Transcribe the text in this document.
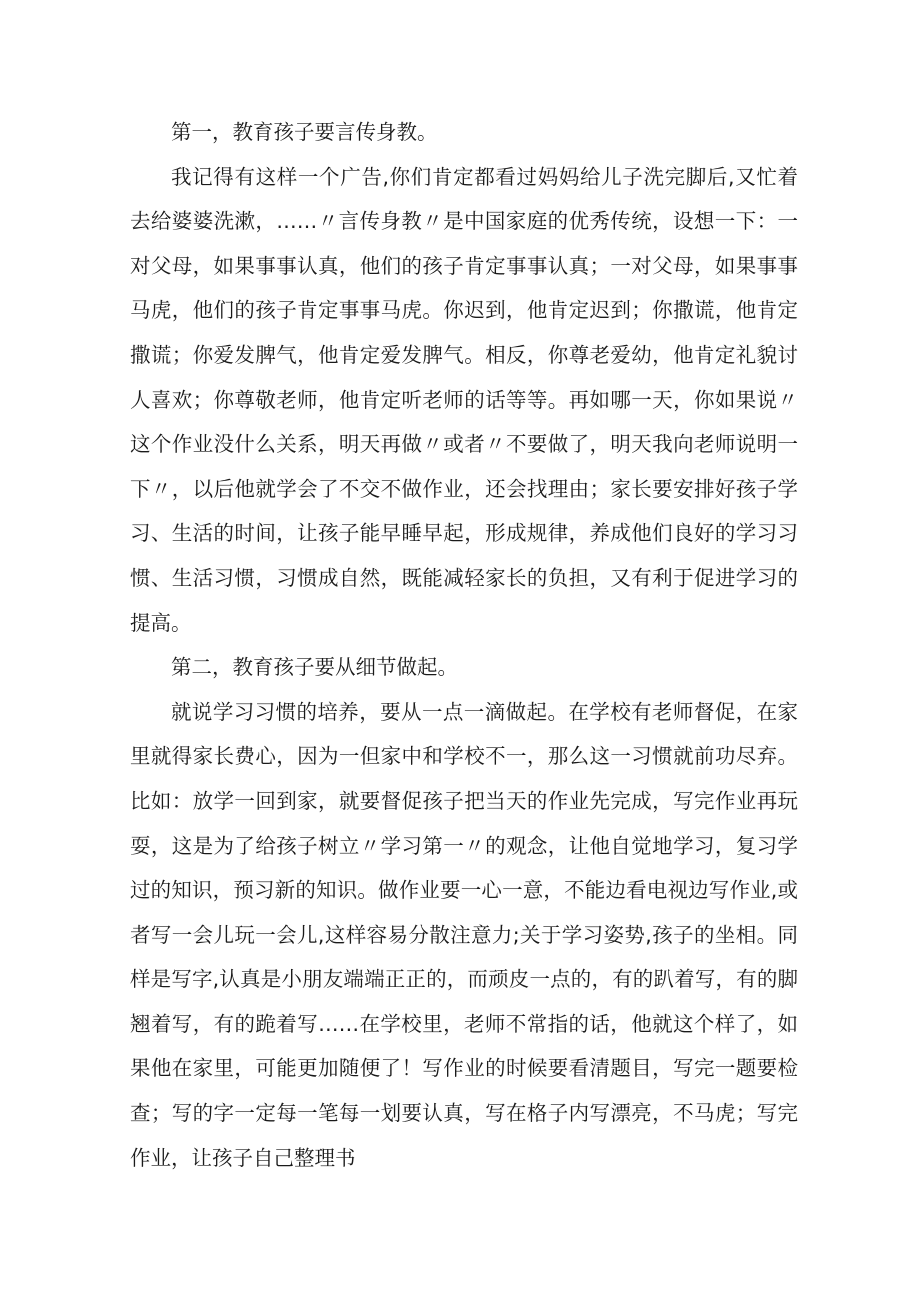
第一，教育孩子要言传身教。

我记得有这样一个广告,你们肯定都看过妈妈给儿子洗完脚后,又忙着去给婆婆洗漱，……〃言传身教〃是中国家庭的优秀传统，设想一下：一对父母，如果事事认真，他们的孩子肯定事事认真；一对父母，如果事事马虎，他们的孩子肯定事事马虎。你迟到，他肯定迟到；你撒谎，他肯定撒谎；你爱发脾气，他肯定爱发脾气。相反，你尊老爱幼，他肯定礼貌讨人喜欢；你尊敬老师，他肯定听老师的话等等。再如哪一天，你如果说〃这个作业没什么关系，明天再做〃或者〃不要做了，明天我向老师说明一下〃，以后他就学会了不交不做作业，还会找理由；家长要安排好孩子学习、生活的时间，让孩子能早睡早起，形成规律，养成他们良好的学习习惯、生活习惯，习惯成自然，既能减轻家长的负担，又有利于促进学习的提高。

第二，教育孩子要从细节做起。

就说学习习惯的培养，要从一点一滴做起。在学校有老师督促，在家里就得家长费心，因为一但家中和学校不一，那么这一习惯就前功尽弃。比如：放学一回到家，就要督促孩子把当天的作业先完成，写完作业再玩耍，这是为了给孩子树立〃学习第一〃的观念，让他自觉地学习，复习学过的知识，预习新的知识。做作业要一心一意，不能边看电视边写作业,或者写一会儿玩一会儿,这样容易分散注意力;关于学习姿势,孩子的坐相。同样是写字,认真是小朋友端端正正的，而顽皮一点的，有的趴着写，有的脚翘着写，有的跪着写……在学校里，老师不常指的话，他就这个样了，如果他在家里，可能更加随便了！写作业的时候要看清题目，写完一题要检查；写的字一定每一笔每一划要认真，写在格子内写漂亮，不马虎；写完作业，让孩子自己整理书
